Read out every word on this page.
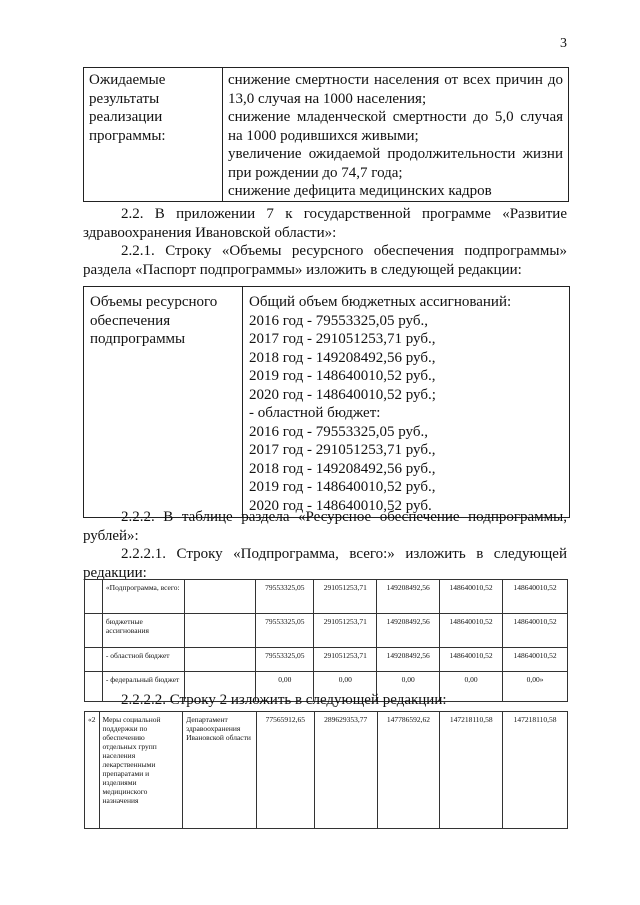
3
Ожидаемые
результаты
реализации
программы:

снижение смертности населения от всех причин до
13,0 случая на 1000 населения;
снижение младенческой смертности до 5,0 случая
на 1000 родившихся живыми;
увеличение ожидаемой продолжительности жизни
при рождении до 74,7 года;
снижение дефицита медицинских кадров
2.2. В приложении 7 к государственной программе «Развитие
здравоохранения Ивановской области»:
2.2.1. Строку «Объемы ресурсного обеспечения подпрограммы»
раздела «Паспорт подпрограммы» изложить в следующей редакции:
Объемы ресурсного
обеспечения
подпрограммы

Общий объем бюджетных ассигнований:
2016 год - 79553325,05 руб.,
2017 год - 291051253,71 руб.,
2018 год - 149208492,56 руб.,
2019 год - 148640010,52 руб.,
2020 год - 148640010,52 руб.;
- областной бюджет:
2016 год - 79553325,05 руб.,
2017 год - 291051253,71 руб.,
2018 год - 149208492,56 руб.,
2019 год - 148640010,52 руб.,
2020 год - 148640010,52 руб.
2.2.2. В таблице раздела «Ресурсное обеспечение подпрограммы,
рублей»:
2.2.2.1. Строку «Подпрограмма, всего:» изложить в следующей
редакции:
	«Подпрограмма, всего:		79553325,05	291051253,71	149208492,56	148640010,52	148640010,52
	бюджетные ассигнования		79553325,05	291051253,71	149208492,56	148640010,52	148640010,52
	- областной бюджет		79553325,05	291051253,71	149208492,56	148640010,52	148640010,52
	- федеральный бюджет		0,00	0,00	0,00	0,00	0,00»
2.2.2.2. Строку 2 изложить в следующей редакции:
«2	Меры социальной поддержки по обеспечению отдельных групп населения лекарственными препаратами и изделиями медицинского назначения	Департамент здравоохранения Ивановской области	77565912,65	289629353,77	147786592,62	147218110,58	147218110,58
